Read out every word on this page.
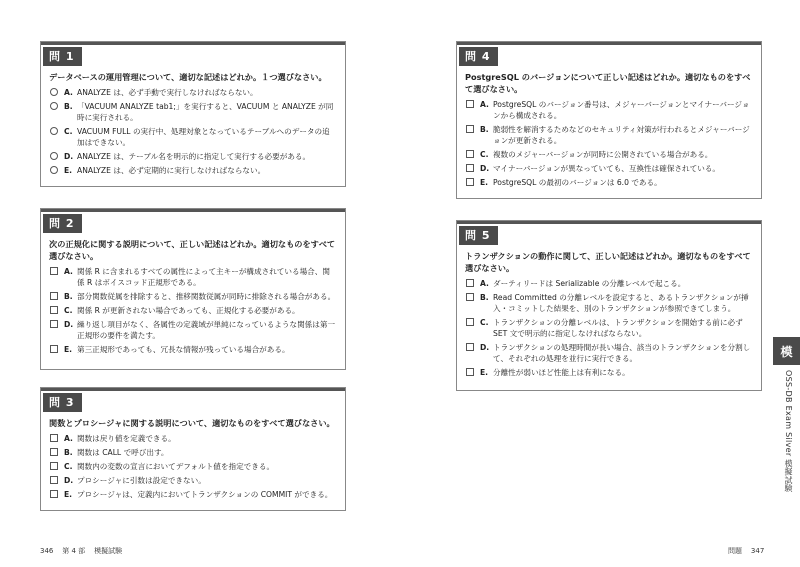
問 1
データベースの運用管理について、適切な記述はどれか。１つ選びなさい。
A. ANALYZE は、必ず手動で実行しなければならない。
B. 「VACUUM ANALYZE tab1;」を実行すると、VACUUM と ANALYZE が同時に実行される。
C. VACUUM FULL の実行中、処理対象となっているテーブルへのデータの追加はできない。
D. ANALYZE は、テーブル名を明示的に指定して実行する必要がある。
E. ANALYZE は、必ず定期的に実行しなければならない。
問 2
次の正規化に関する説明について、正しい記述はどれか。適切なものをすべて選びなさい。
A. 関係 R に含まれるすべての属性によって主キーが構成されている場合、関係 R はボイスコッド正規形である。
B. 部分関数従属を排除すると、推移関数従属が同時に排除される場合がある。
C. 関係 R が更新されない場合であっても、正規化する必要がある。
D. 繰り返し項目がなく、各属性の定義域が単純になっているような関係は第一正規形の要件を満たす。
E. 第三正規形であっても、冗長な情報が残っている場合がある。
問 3
関数とプロシージャに関する説明について、適切なものをすべて選びなさい。
A. 関数は戻り値を定義できる。
B. 関数は CALL で呼び出す。
C. 関数内の変数の宣言においてデフォルト値を指定できる。
D. プロシージャに引数は設定できない。
E. プロシージャは、定義内においてトランザクションの COMMIT ができる。
問 4
PostgreSQL のバージョンについて正しい記述はどれか。適切なものをすべて選びなさい。
A. PostgreSQL のバージョン番号は、メジャーバージョンとマイナーバージョンから構成される。
B. 脆弱性を解消するためなどのセキュリティ対策が行われるとメジャーバージョンが更新される。
C. 複数のメジャーバージョンが同時に公開されている場合がある。
D. マイナーバージョンが異なっていても、互換性は確保されている。
E. PostgreSQL の最初のバージョンは 6.0 である。
問 5
トランザクションの動作に関して、正しい記述はどれか。適切なものをすべて選びなさい。
A. ダーティリードは Serializable の分離レベルで起こる。
B. Read Committed の分離レベルを設定すると、あるトランザクションが挿入・コミットした結果を、別のトランザクションが参照できてしまう。
C. トランザクションの分離レベルは、トランザクションを開始する前に必ず SET 文で明示的に指定しなければならない。
D. トランザクションの処理時間が長い場合、該当のトランザクションを分割して、それぞれの処理を並行に実行できる。
E. 分離性が弱いほど性能上は有利になる。
346 第 4 部 模擬試験	問題 347
模
OSS-DB Exam Silver 模擬試験
